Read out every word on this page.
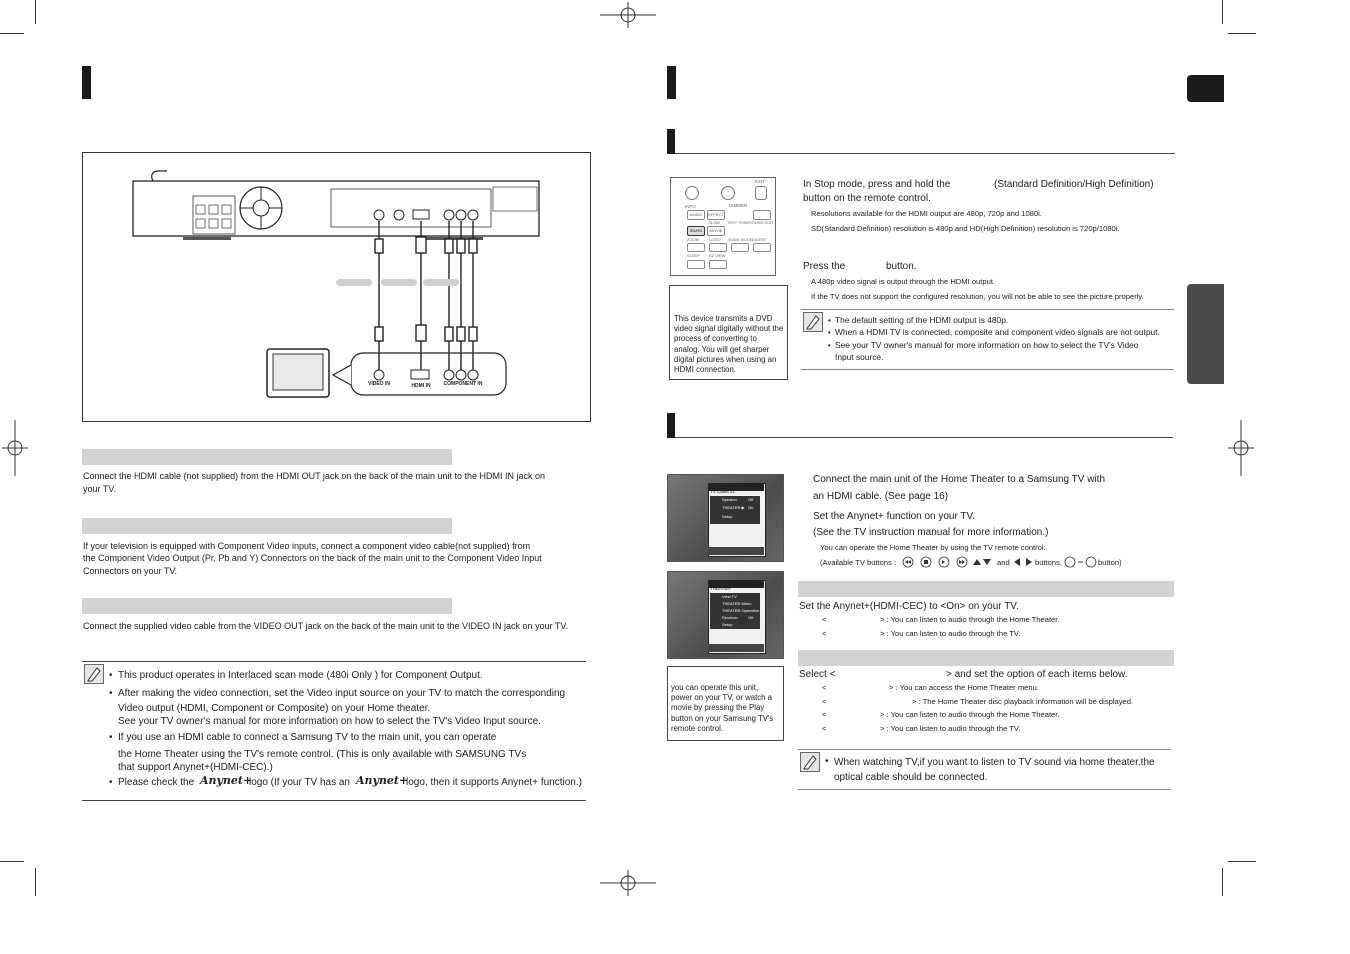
VIDEO IN	HDMI IN	COMPONENT IN
Connect the HDMI cable (not supplied) from the HDMI OUT jack on the back of the main unit to the HDMI IN jack on your TV.
If your television is equipped with Component Video inputs, connect a component video cable(not supplied) from
the Component Video Output (Pr, Pb and Y) Connectors on the back of the main unit to the Component Video Input
Connectors on your TV.
Connect the supplied video cable from the VIDEO OUT jack on the back of the main unit to the VIDEO IN jack on your TV.
• This product operates in Interlaced scan mode (480i Only ) for Component Output.
• After making the video connection, set the Video input source on your TV to match the corresponding
Video output (HDMI, Component or Composite) on your Home theater.
See your TV owner's manual for more information on how to select the TV's Video Input source.
• If you use an HDMI cable to connect a Samsung TV to the main unit, you can operate
the Home Theater using the TV's remote control. (This is only available with SAMSUNG TVs
that support Anynet+(HDMI-CEC).)
• Please check the Anynet+
logo (If your TV has an Anynet+
logo, then it supports Anynet+ function.)
EXIT
DIMMER
INFO
MUSIC	EFFECT
SLOW TEST TONE SOUND EDIT
SD/HD	MOVIE
ZOOM	LOGO SLIDE MODE DIGEST
SLEEP EZ VIEW
In Stop mode, press and hold the	(Standard Definition/High Definition)
button on the remote control.
Resolutions available for the HDMI output are 480p, 720p and 1080i.
SD(Standard Definition) resolution is 480p and HD(High Definition) resolution is 720p/1080i.
Press the	button.
A 480p video signal is output through the HDMI output.
If the TV does not support the configured resolution, you will not be able to see the picture properly.
This device transmits a DVD video signal digitally without the process of converting to analog. You will get sharper digital pictures when using an HDMI connection.
• The default setting of the HDMI output is 480p.
• When a HDMI TV is connected, composite and component video signals are not output.
• See your TV owner's manual for more information on how to select the TV's Video
Input source.
TV Cable 21
Speaker	Off
THEATER ▶ On
Setup
THEATER
View TV
THEATER Menu
THEATER Operation
Receiver	Off
Setup
you can operate this unit, power on your TV, or watch a movie by pressing the Play button on your Samsung TV's remote control.
Connect the main unit of the Home Theater to a Samsung TV with
an HDMI cable. (See page 16)
Set the Anynet+ function on your TV.
(See the TV instruction manual for more information.)
You can operate the Home Theater by using the TV remote control.
(Available TV buttons :	and	buttons,	button)
Set the Anynet+(HDMI-CEC) to <On> on your TV.
<	> : You can listen to audio through the Home Theater.
<	> : You can listen to audio through the TV.
Select <	> and set the option of each items below.
<	> : You can access the Home Theater menu.
<	> : The Home Theater disc playback information will be displayed.
<	> : You can listen to audio through the Home Theater.
<	> : You can listen to audio through the TV.
• When watching TV,if you want to listen to TV sound via home theater,the
optical cable should be connected.
